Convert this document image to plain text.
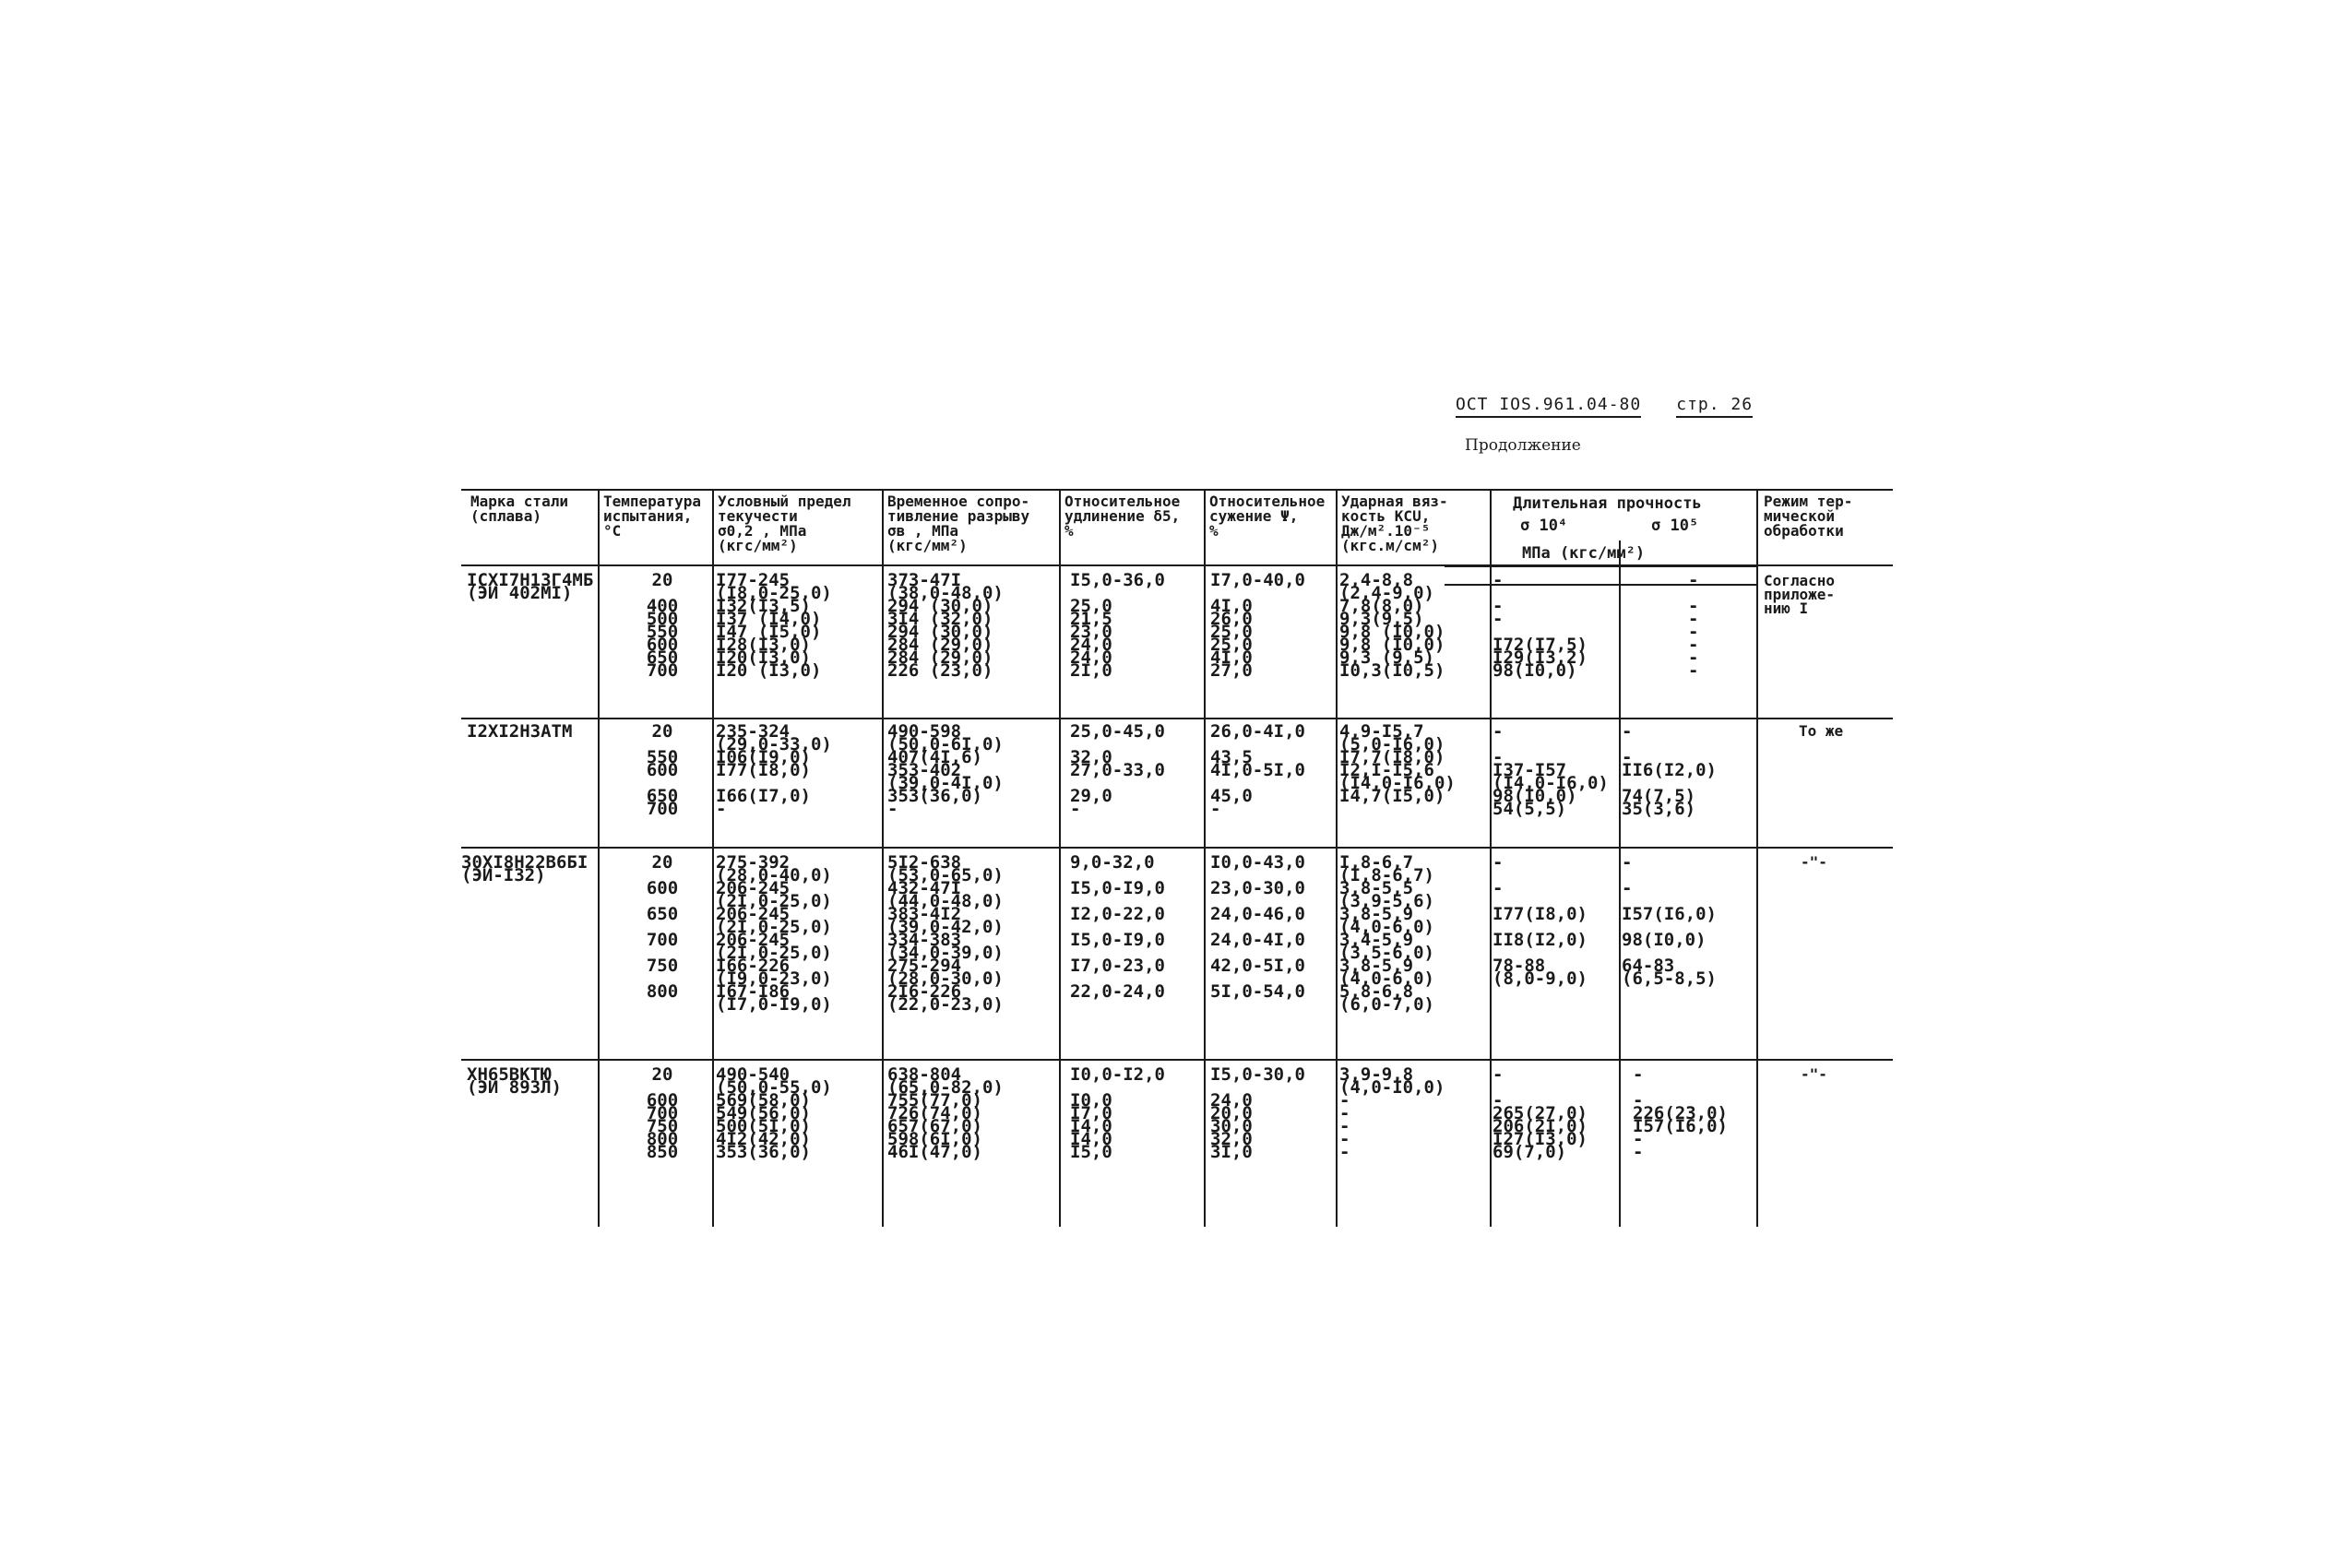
ОСТ IОS.961.04-80 стр. 26
Продолжение
Марка стали
(сплава)
Температура
испытания,
°С
Условный предел
текучести
σ0,2 , МПа
(кгс/мм²)
Временное сопро-
тивление разрыву
σв , МПа
(кгс/мм²)
Относительное
удлинение δ5,
%
Относительное
сужение Ψ,
%
Ударная вяз-
кость KCU,
Дж/м².10⁻⁵
(кгс.м/см²)
Длительная прочность
σ 10⁴	σ 10⁵
МПа (кгс/мм²)
Режим тер-
мической
обработки
IСХI7Н13Г4МБ
(ЭИ 402МI)
20

400
500
550
600
650
700
I77-245
(I8,0-25,0)
I32(I3,5)
I37 (I4,0)
I47 (I5,0)
I28(I3,0)
I20(I3,0)
I20 (I3,0)
373-47I
(38,0-48,0)
294 (30,0)
3I4 (32,0)
294 (30,0)
284 (29,0)
284 (29,0)
226 (23,0)
I5,0-36,0

25,0
21,5
23,0
24,0
24,0
2I,0
I7,0-40,0

4I,0
26,0
25,0
25,0
4I,0
27,0
2,4-8,8
(2,4-9,0)
7,8(8,0)
9,3(9,5)
9,8 (I0,0)
9,8 (I0,0)
9,3 (9,5)
I0,3(I0,5)
-

-
-

I72(I7,5)
I29(I3,2)
98(I0,0)
-

-
-
-
-
-
-
Согласно
приложе-
нию I
I2ХI2Н3АТМ	20

550
600

650
700
235-324
(29,0-33,0)
I06(I9,0)
I77(I8,0)

I66(I7,0)
-
490-598
(50,0-6I,0)
407(4I,6)
353-402
(39,0-4I,0)
353(36,0)
-
25,0-45,0

32,0
27,0-33,0

29,0
-
26,0-4I,0

43,5
4I,0-5I,0

45,0
-
4,9-I5,7
(5,0-I6,0)
I7,7(I8,0)
I2,I-I5,6
(I4,0-I6,0)
I4,7(I5,0)
-

-
I37-I57
(I4,0-I6,0)
98(I0,0)
54(5,5)
-

-
II6(I2,0)

74(7,5)
35(3,6)
То же
30ХI8Н22В6БI
(ЭИ-I32)
20

600

650

700

750

800
275-392
(28,0-40,0)
206-245
(2I,0-25,0)
206-245
(2I,0-25,0)
206-245
(2I,0-25,0)
I66-226
(I9,0-23,0)
I67-I86
(I7,0-I9,0)
5I2-638
(53,0-65,0)
432-47I
(44,0-48,0)
383-4I2
(39,0-42,0)
334-383
(34,0-39,0)
275-294
(28,0-30,0)
2I6-226
(22,0-23,0)
9,0-32,0

I5,0-I9,0

I2,0-22,0

I5,0-I9,0

I7,0-23,0

22,0-24,0
I0,0-43,0

23,0-30,0

24,0-46,0

24,0-4I,0

42,0-5I,0

5I,0-54,0
I,8-6,7
(I,8-6,7)
3,8-5,5
(3,9-5,6)
3,8-5,9
(4,0-6,0)
3,4-5,9
(3,5-6,0)
3,8-5,9
(4,0-6,0)
5,8-6,8
(6,0-7,0)
-

-

I77(I8,0)

II8(I2,0)

78-88
(8,0-9,0)
-

-

I57(I6,0)

98(I0,0)

64-83
(6,5-8,5)
-"-
ХН65ВКТЮ
(ЭИ 893Л)
20

600
700
750
800
850
490-540
(50,0-55,0)
569(58,0)
549(56,0)
500(5I,0)
4I2(42,0)
353(36,0)
638-804
(65,0-82,0)
755(77,0)
726(74,0)
657(67,0)
598(6I,0)
46I(47,0)
I0,0-I2,0

I0,0
I7,0
I4,0
I4,0
I5,0
I5,0-30,0

24,0
20,0
30,0
32,0
3I,0
3,9-9,8
(4,0-I0,0)
-
-
-
-
-
-

-
265(27,0)
206(2I,0)
I27(I3,0)
69(7,0)
-

-
226(23,0)
I57(I6,0)
-
-
-"-
